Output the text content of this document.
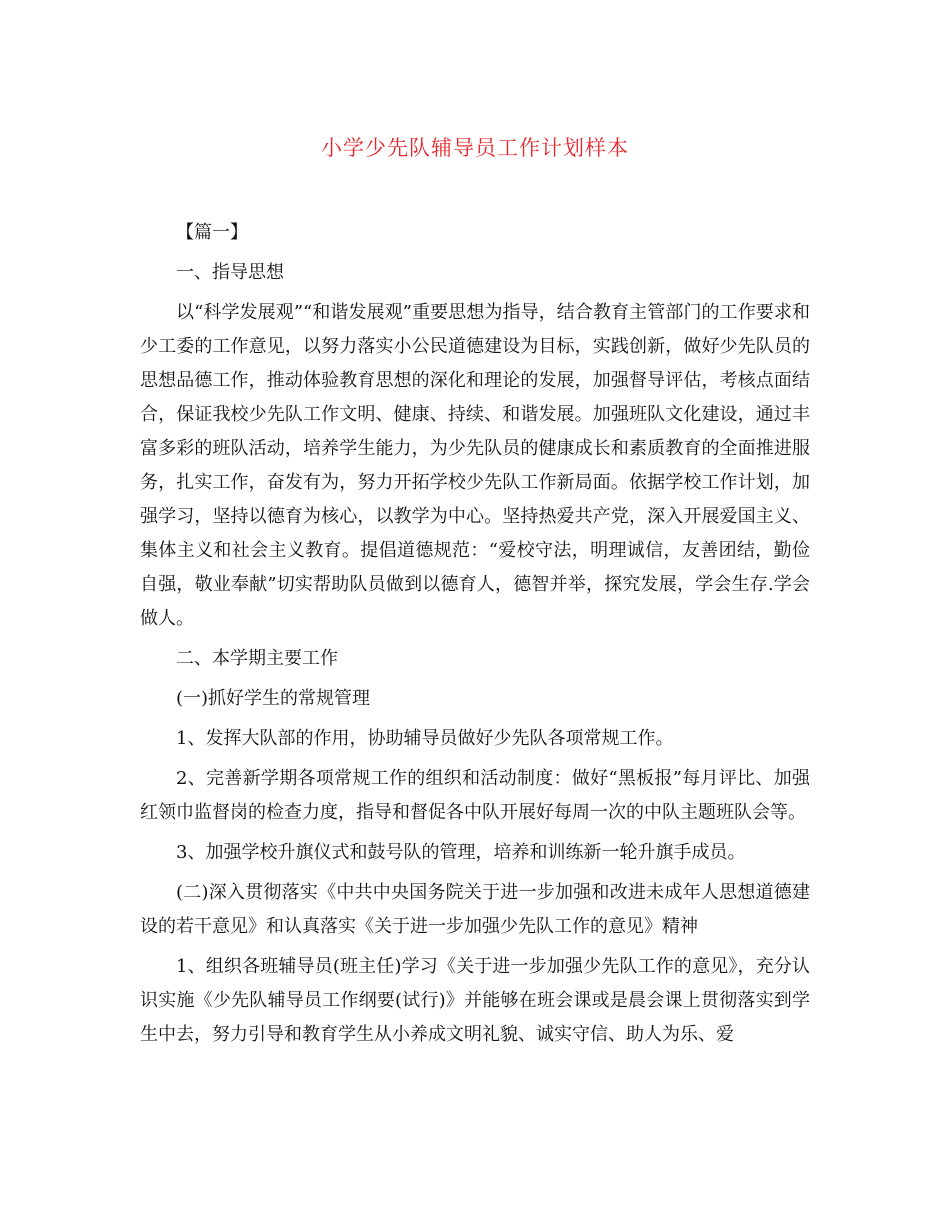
小学少先队辅导员工作计划样本

【篇一】

一、指导思想

以“科学发展观”“和谐发展观”重要思想为指导，结合教育主管部门的工作要求和少工委的工作意见，以努力落实小公民道德建设为目标，实践创新，做好少先队员的思想品德工作，推动体验教育思想的深化和理论的发展，加强督导评估，考核点面结合，保证我校少先队工作文明、健康、持续、和谐发展。加强班队文化建设，通过丰富多彩的班队活动，培养学生能力，为少先队员的健康成长和素质教育的全面推进服务，扎实工作，奋发有为，努力开拓学校少先队工作新局面。依据学校工作计划，加强学习，坚持以德育为核心，以教学为中心。坚持热爱共产党，深入开展爱国主义、集体主义和社会主义教育。提倡道德规范：“爱校守法，明理诚信，友善团结，勤俭自强，敬业奉献”切实帮助队员做到以德育人，德智并举，探究发展，学会生存.学会做人。

二、本学期主要工作

(一)抓好学生的常规管理

1、发挥大队部的作用，协助辅导员做好少先队各项常规工作。

2、完善新学期各项常规工作的组织和活动制度：做好“黑板报”每月评比、加强红领巾监督岗的检查力度，指导和督促各中队开展好每周一次的中队主题班队会等。

3、加强学校升旗仪式和鼓号队的管理，培养和训练新一轮升旗手成员。

(二)深入贯彻落实《中共中央国务院关于进一步加强和改进未成年人思想道德建设的若干意见》和认真落实《关于进一步加强少先队工作的意见》精神

1、组织各班辅导员(班主任)学习《关于进一步加强少先队工作的意见》，充分认识实施《少先队辅导员工作纲要(试行)》并能够在班会课或是晨会课上贯彻落实到学生中去，努力引导和教育学生从小养成文明礼貌、诚实守信、助人为乐、爱
